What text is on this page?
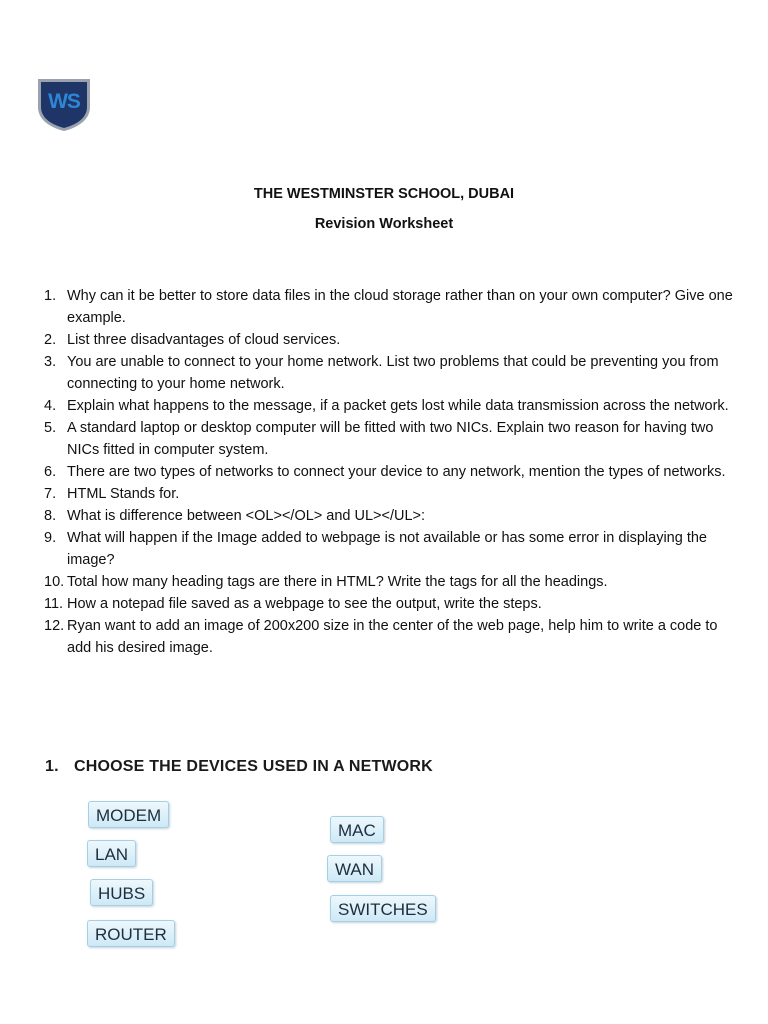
WS
THE WESTMINSTER SCHOOL, DUBAI
Revision Worksheet
1. Why can it be better to store data files in the cloud storage rather than on your own computer? Give one example.
2. List three disadvantages of cloud services.
3. You are unable to connect to your home network. List two problems that could be preventing you from connecting to your home network.
4. Explain what happens to the message, if a packet gets lost while data transmission across the network.
5. A standard laptop or desktop computer will be fitted with two NICs. Explain two reason for having two NICs fitted in computer system.
6. There are two types of networks to connect your device to any network, mention the types of networks.
7. HTML Stands for.
8. What is difference between <OL></OL> and UL></UL>:
9. What will happen if the Image added to webpage is not available or has some error in displaying the image?
10. Total how many heading tags are there in HTML? Write the tags for all the headings.
11. How a notepad file saved as a webpage to see the output, write the steps.
12. Ryan want to add an image of 200x200 size in the center of the web page, help him to write a code to add his desired image.
1. CHOOSE THE DEVICES USED IN A NETWORK
MODEM
LAN
HUBS
ROUTER
MAC
WAN
SWITCHES
